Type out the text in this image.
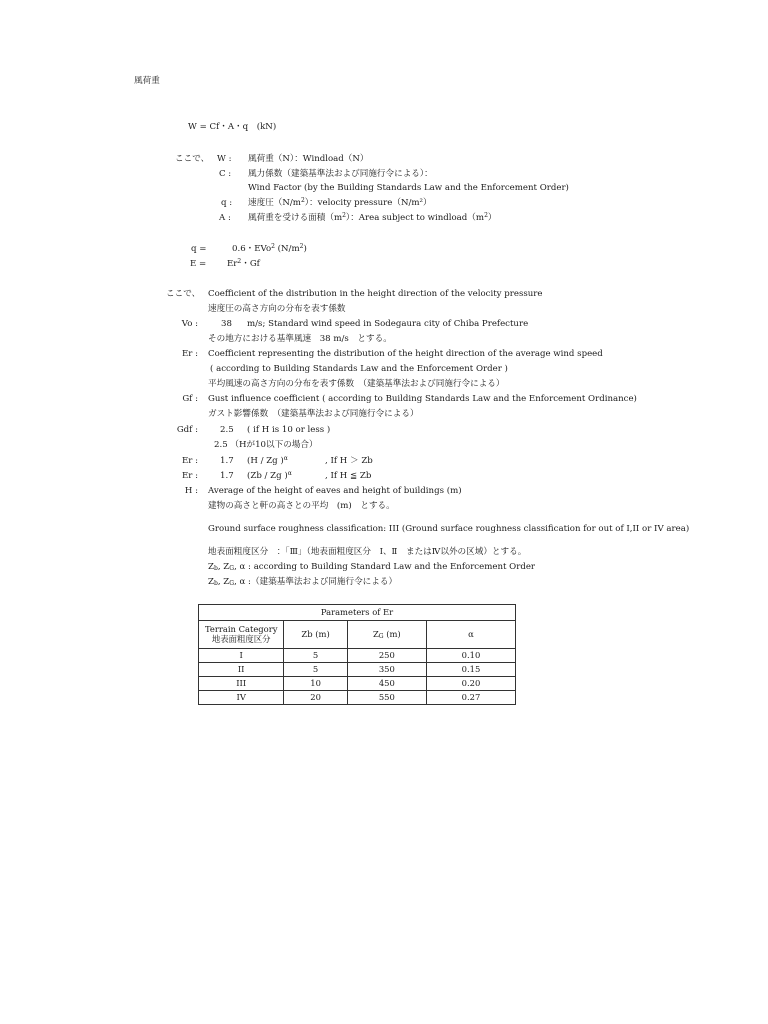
風荷重
W = Cf・A・q　(kN)
ここで、 W : 風荷重（N）：Windload（N）
C : 風力係数（建築基準法および同施行令による）：
Wind Factor (by the Building Standards Law and the Enforcement Order)
q : 速度圧$(N/m^2)$：velocity pressure（N/m²）
A : 風荷重を受ける面積$(m^2)$：Area subject to $windload(m^2)$
q =	0.6・EVo$^2$ $(N/m^2)$
$E = Er^2$・Gf
ここで、 Coefficient of the distribution in the height direction of the velocity pressure
速度圧の高さ方向の分布を表す係数
Vo :	38 m/s; Standard wind speed in Sodegaura city of Chiba Prefecture
その地方における基準風速　38 m/s　とする。
Er : Coefficient representing the distribution of the height direction of the average wind speed
( according to Building Standards Law and the Enforcement Order )
平均風速の高さ方向の分布を表す係数　（建築基準法および同施行令による）
Gf : Gust influence coefficient ( according to Building Standards Law and the Enforcement Ordinance)
ガスト影響係数　（建築基準法および同施行令による）
Gdf :	2.5 ( if H is 10 or less )
2.5 （Hが10以下の場合）
Er :	1.7 (H / Zg )$^\alpha$	, If H ＞ Zb
Er :	1.7 (Zb / Zg )$^\alpha$	, If H ≦ Zb
H : Average of the height of eaves and height of buildings (m)
建物の高さと軒の高さとの平均　(m)　とする。
Ground surface roughness classification: III (Ground surface roughness classification for out of I,II or IV area)
地表面粗度区分　：「Ⅲ」（地表面粗度区分　Ⅰ、Ⅱ　またはⅣ以外の区域）とする。
$Z_b$, $Z_G$, α : according to Building Standard Law and the Enforcement Order
$Z_b$, $Z_G$, α :（建築基準法および同施行令による）
Parameters of Er			
Terrain Category
地表面粗度区分	Zb (m)	$Z_G$ (m)	α
I	5	250	0.10
II	5	350	0.15
III	10	450	0.20
IV	20	550	0.27
